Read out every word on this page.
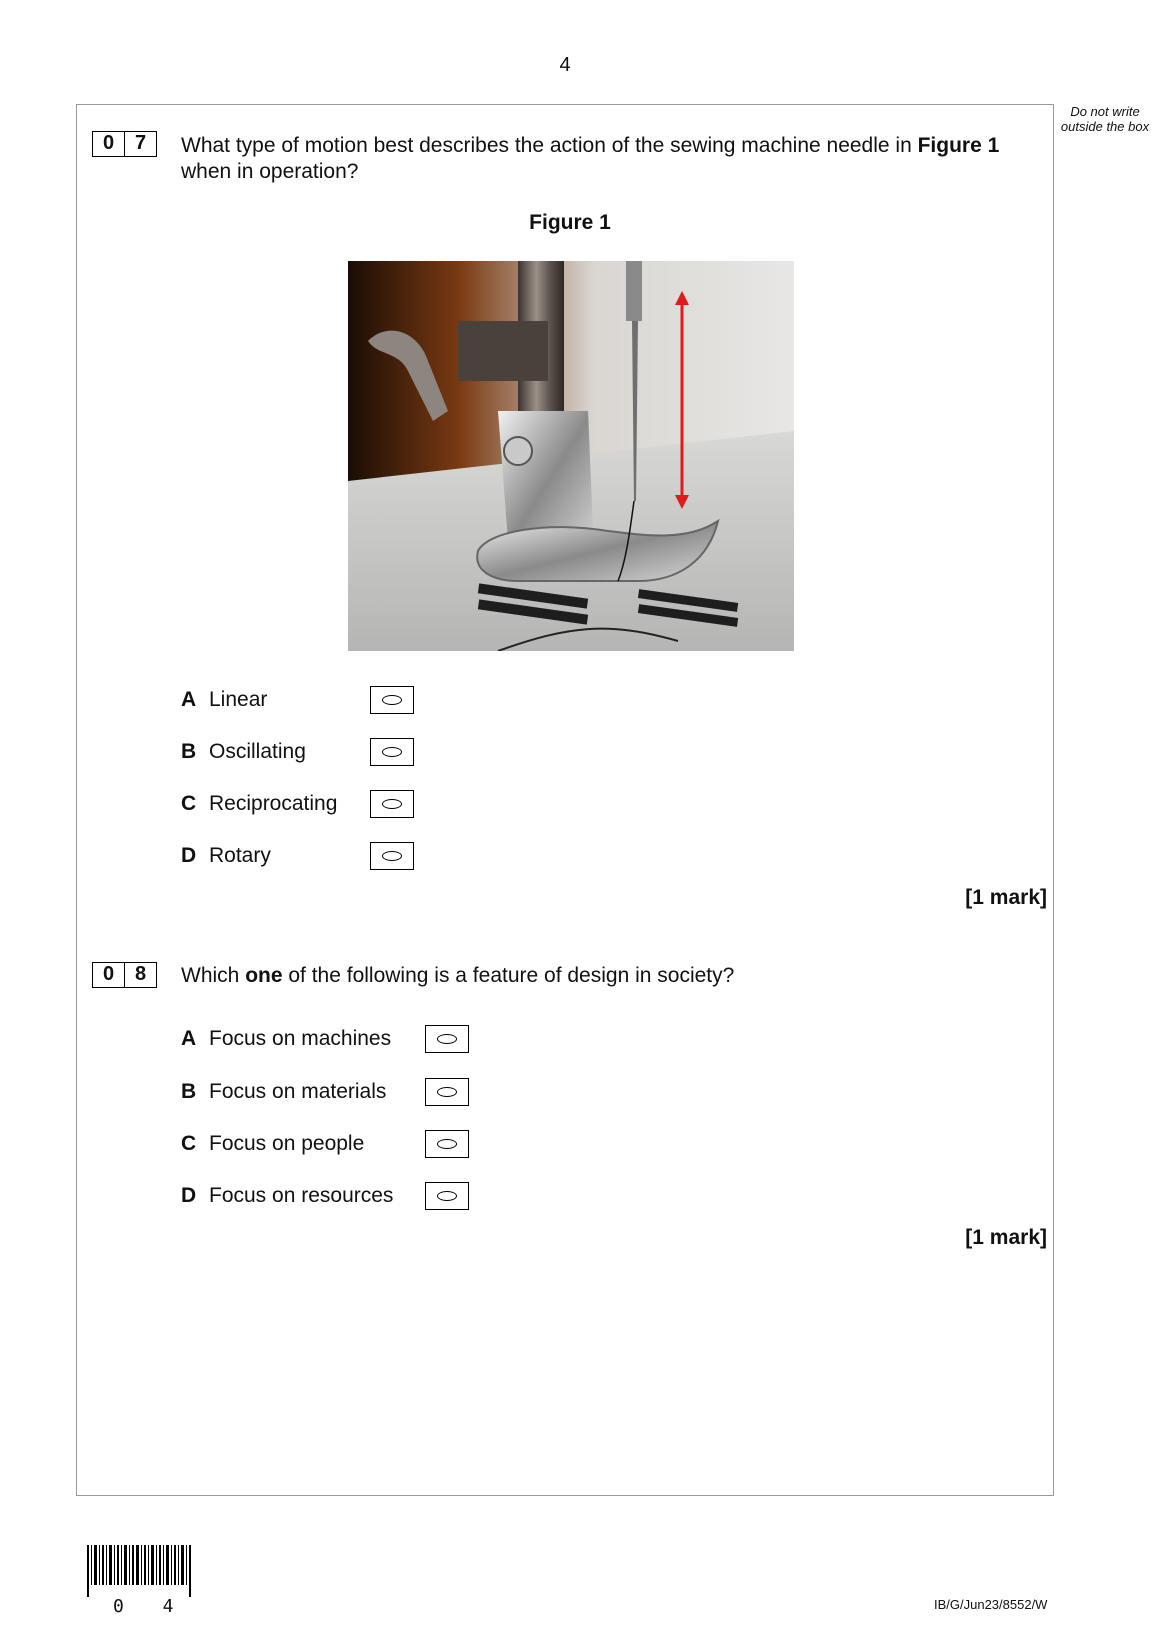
4
Do not write outside the box
0	7	What type of motion best describes the action of the sewing machine needle in Figure 1 when in operation?
Figure 1
A Linear
B Oscillating
C Reciprocating
D Rotary
[1 mark]
0	8	Which one of the following is a feature of design in society?
A Focus on machines
B Focus on materials
C Focus on people
D Focus on resources
[1 mark]
0 4	IB/G/Jun23/8552/W
